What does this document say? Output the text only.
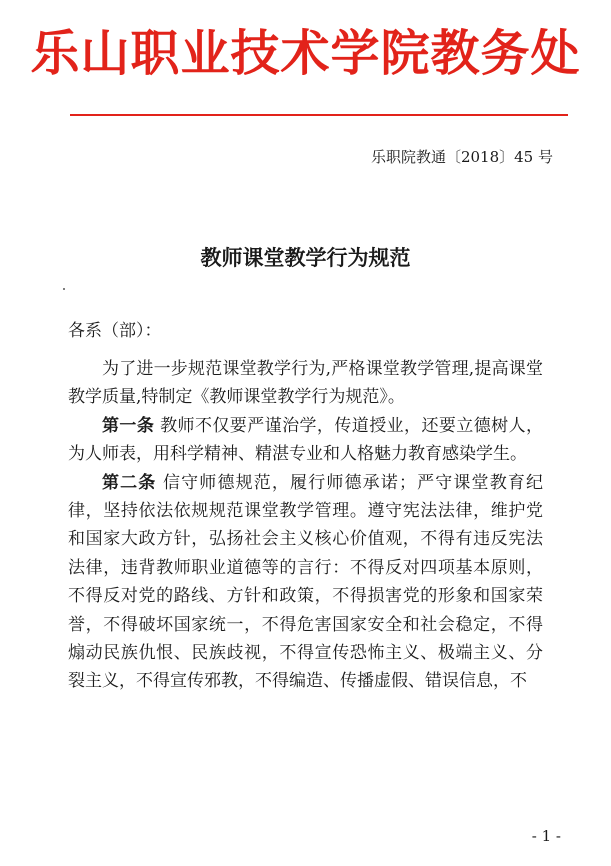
乐山职业技术学院教务处
乐职院教通〔2018〕45 号
教师课堂教学行为规范
各系（部）：

为了进一步规范课堂教学行为,严格课堂教学管理,提高课堂教学质量,特制定《教师课堂教学行为规范》。

第一条 教师不仅要严谨治学，传道授业，还要立德树人，为人师表，用科学精神、精湛专业和人格魅力教育感染学生。

第二条 信守师德规范，履行师德承诺；严守课堂教育纪律，坚持依法依规规范课堂教学管理。遵守宪法法律，维护党和国家大政方针，弘扬社会主义核心价值观，不得有违反宪法法律，违背教师职业道德等的言行：不得反对四项基本原则，不得反对党的路线、方针和政策，不得损害党的形象和国家荣誉，不得破坏国家统一，不得危害国家安全和社会稳定，不得煽动民族仇恨、民族歧视，不得宣传恐怖主义、极端主义、分裂主义，不得宣传邪教，不得编造、传播虚假、错误信息，不

- 1 -
